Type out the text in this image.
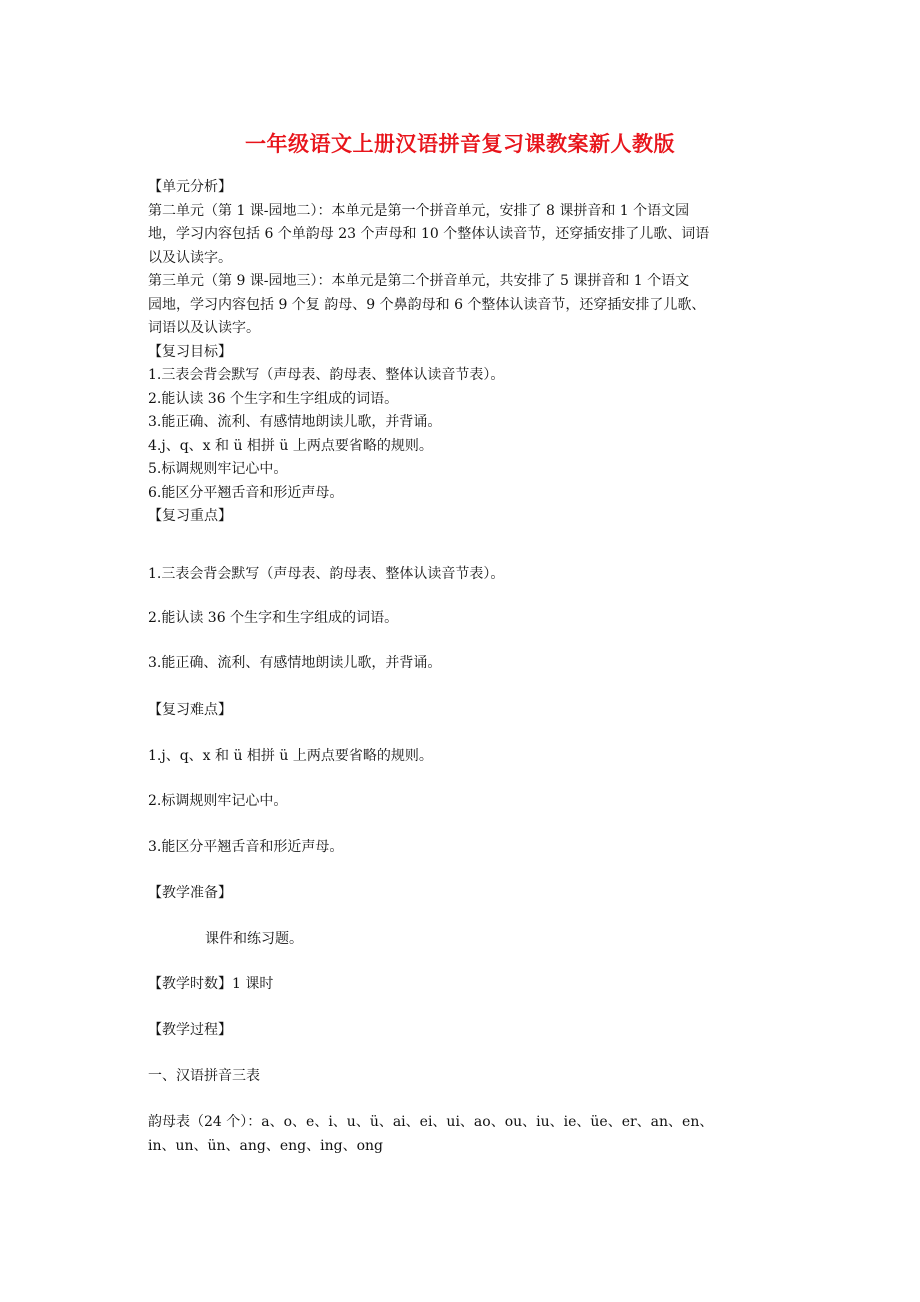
一年级语文上册汉语拼音复习课教案新人教版
【单元分析】
第二单元（第 1 课-园地二）：本单元是第一个拼音单元，安排了 8 课拼音和 1 个语文园
地，学习内容包括 6 个单韵母 23 个声母和 10 个整体认读音节，还穿插安排了儿歌、词语
以及认读字。
第三单元（第 9 课-园地三）：本单元是第二个拼音单元，共安排了 5 课拼音和 1 个语文
园地，学习内容包括 9 个复 韵母、9 个鼻韵母和 6 个整体认读音节，还穿插安排了儿歌、
词语以及认读字。
【复习目标】
1.三表会背会默写（声母表、韵母表、整体认读音节表）。
2.能认读 36 个生字和生字组成的词语。
3.能正确、流利、有感情地朗读儿歌，并背诵。
4.j、q、x 和 ü 相拼 ü 上两点要省略的规则。
5.标调规则牢记心中。
6.能区分平翘舌音和形近声母。
【复习重点】
1.三表会背会默写（声母表、韵母表、整体认读音节表）。
2.能认读 36 个生字和生字组成的词语。
3.能正确、流利、有感情地朗读儿歌，并背诵。
【复习难点】
1.j、q、x 和 ü 相拼 ü 上两点要省略的规则。
2.标调规则牢记心中。
3.能区分平翘舌音和形近声母。
【教学准备】
课件和练习题。
【教学时数】1 课时
【教学过程】
一、汉语拼音三表
韵母表（24 个）：a、o、e、i、u、ü、ai、ei、ui、ao、ou、iu、ie、üe、er、an、en、
in、un、ün、ang、eng、ing、ong
